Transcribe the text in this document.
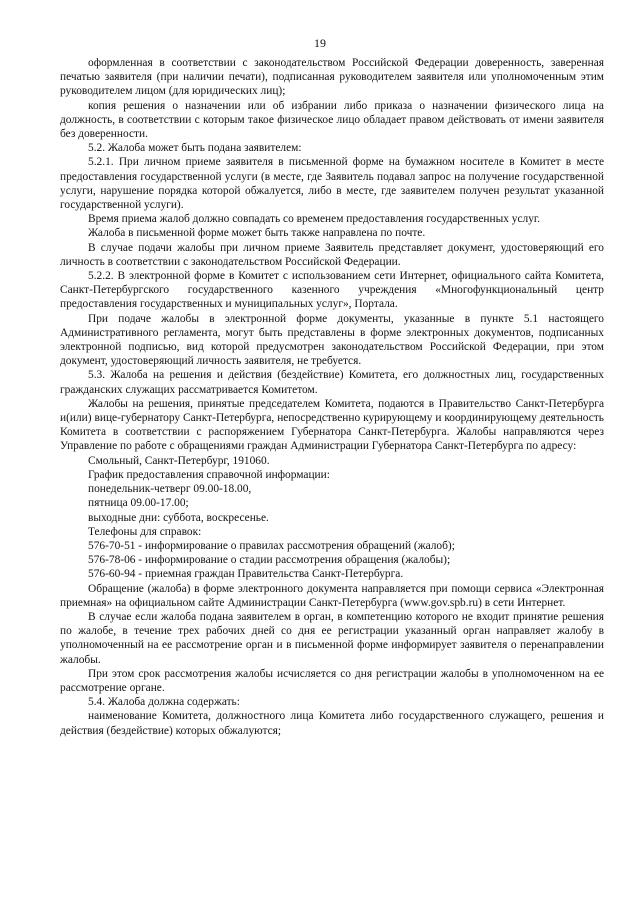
19

оформленная в соответствии с законодательством Российской Федерации доверенность, заверенная печатью заявителя (при наличии печати), подписанная руководителем заявителя или уполномоченным этим руководителем лицом (для юридических лиц);

копия решения о назначении или об избрании либо приказа о назначении физического лица на должность, в соответствии с которым такое физическое лицо обладает правом действовать от имени заявителя без доверенности.

5.2. Жалоба может быть подана заявителем:

5.2.1. При личном приеме заявителя в письменной форме на бумажном носителе в Комитет в месте предоставления государственной услуги (в месте, где Заявитель подавал запрос на получение государственной услуги, нарушение порядка которой обжалуется, либо в месте, где заявителем получен результат указанной государственной услуги).

Время приема жалоб должно совпадать со временем предоставления государственных услуг.

Жалоба в письменной форме может быть также направлена по почте.

В случае подачи жалобы при личном приеме Заявитель представляет документ, удостоверяющий его личность в соответствии с законодательством Российской Федерации.

5.2.2. В электронной форме в Комитет с использованием сети Интернет, официального сайта Комитета, Санкт-Петербургского государственного казенного учреждения «Многофункциональный центр предоставления государственных и муниципальных услуг», Портала.

При подаче жалобы в электронной форме документы, указанные в пункте 5.1 настоящего Административного регламента, могут быть представлены в форме электронных документов, подписанных электронной подписью, вид которой предусмотрен законодательством Российской Федерации, при этом документ, удостоверяющий личность заявителя, не требуется.

5.3. Жалоба на решения и действия (бездействие) Комитета, его должностных лиц, государственных гражданских служащих рассматривается Комитетом.

Жалобы на решения, принятые председателем Комитета, подаются в Правительство Санкт-Петербурга и(или) вице-губернатору Санкт-Петербурга, непосредственно курирующему и координирующему деятельность Комитета в соответствии с распоряжением Губернатора Санкт-Петербурга. Жалобы направляются через Управление по работе с обращениями граждан Администрации Губернатора Санкт-Петербурга по адресу:

Смольный, Санкт-Петербург, 191060.

График предоставления справочной информации:

понедельник-четверг 09.00-18.00,

пятница 09.00-17.00;

выходные дни: суббота, воскресенье.

Телефоны для справок:

576-70-51 - информирование о правилах рассмотрения обращений (жалоб);

576-78-06 - информирование о стадии рассмотрения обращения (жалобы);

576-60-94 - приемная граждан Правительства Санкт-Петербурга.

Обращение (жалоба) в форме электронного документа направляется при помощи сервиса «Электронная приемная» на официальном сайте Администрации Санкт-Петербурга (www.gov.spb.ru) в сети Интернет.

В случае если жалоба подана заявителем в орган, в компетенцию которого не входит принятие решения по жалобе, в течение трех рабочих дней со дня ее регистрации указанный орган направляет жалобу в уполномоченный на ее рассмотрение орган и в письменной форме информирует заявителя о перенаправлении жалобы.

При этом срок рассмотрения жалобы исчисляется со дня регистрации жалобы в уполномоченном на ее рассмотрение органе.

5.4. Жалоба должна содержать:

наименование Комитета, должностного лица Комитета либо государственного служащего, решения и действия (бездействие) которых обжалуются;
